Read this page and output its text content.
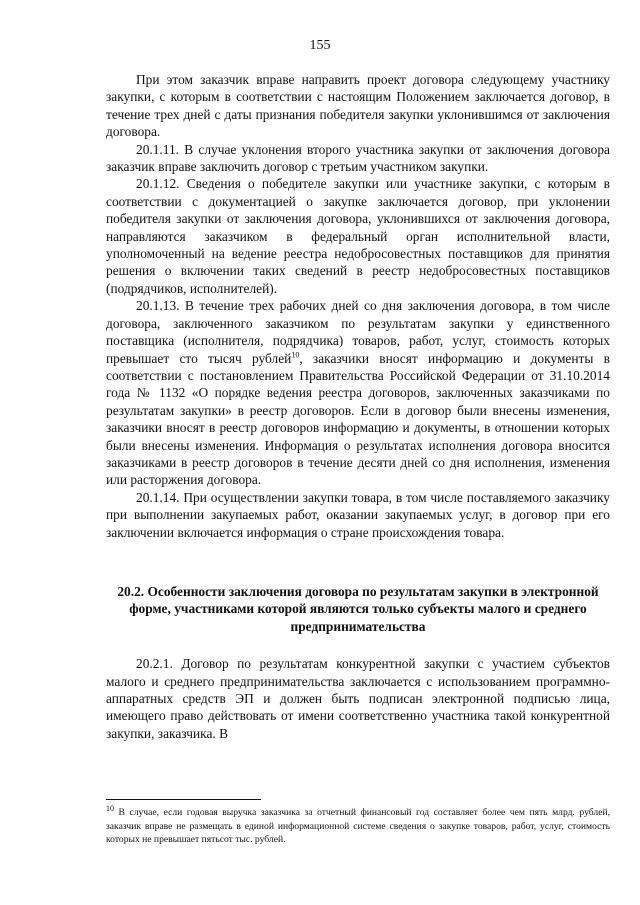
155

При этом заказчик вправе направить проект договора следующему участнику закупки, с которым в соответствии с настоящим Положением заключается договор, в течение трех дней с даты признания победителя закупки уклонившимся от заключения договора.

20.1.11. В случае уклонения второго участника закупки от заключения договора заказчик вправе заключить договор с третьим участником закупки.

20.1.12. Сведения о победителе закупки или участнике закупки, с которым в соответствии с документацией о закупке заключается договор, при уклонении победителя закупки от заключения договора, уклонившихся от заключения договора, направляются заказчиком в федеральный орган исполнительной власти, уполномоченный на ведение реестра недобросовестных поставщиков для принятия решения о включении таких сведений в реестр недобросовестных поставщиков (подрядчиков, исполнителей).

20.1.13. В течение трех рабочих дней со дня заключения договора, в том числе договора, заключенного заказчиком по результатам закупки у единственного поставщика (исполнителя, подрядчика) товаров, работ, услуг, стоимость которых превышает сто тысяч рублей$^{10}$, заказчики вносят информацию и документы в соответствии с постановлением Правительства Российской Федерации от 31.10.2014 года № 1132 «О порядке ведения реестра договоров, заключенных заказчиками по результатам закупки» в реестр договоров. Если в договор были внесены изменения, заказчики вносят в реестр договоров информацию и документы, в отношении которых были внесены изменения. Информация о результатах исполнения договора вносится заказчиками в реестр договоров в течение десяти дней со дня исполнения, изменения или расторжения договора.

20.1.14. При осуществлении закупки товара, в том числе поставляемого заказчику при выполнении закупаемых работ, оказании закупаемых услуг, в договор при его заключении включается информация о стране происхождения товара.

20.2. Особенности заключения договора по результатам закупки в электронной форме, участниками которой являются только субъекты малого и среднего предпринимательства

20.2.1. Договор по результатам конкурентной закупки с участием субъектов малого и среднего предпринимательства заключается с использованием программно-аппаратных средств ЭП и должен быть подписан электронной подписью лица, имеющего право действовать от имени соответственно участника такой конкурентной закупки, заказчика. В

$^{10}$ В случае, если годовая выручка заказчика за отчетный финансовый год составляет более чем пять млрд. рублей, заказчик вправе не размещать в единой информационной системе сведения о закупке товаров, работ, услуг, стоимость которых не превышает пятьсот тыс. рублей.
